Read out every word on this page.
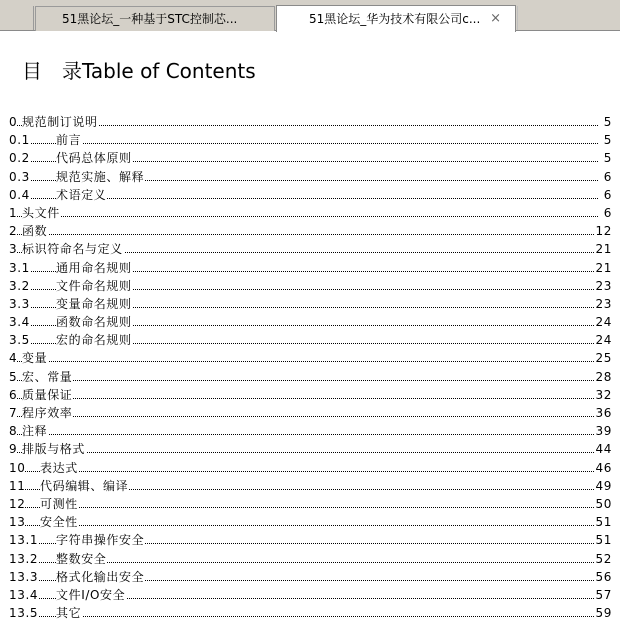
51黑论坛_一种基于STC控制芯...	51黑论坛_华为技术有限公司c... ×
目　录Table of Contents
0 规范制订说明	5
0.1 前言	5
0.2 代码总体原则	5
0.3 规范实施、解释	6
0.4 术语定义	6
1 头文件	6
2 函数	12
3 标识符命名与定义	21
3.1 通用命名规则	21
3.2 文件命名规则	23
3.3 变量命名规则	23
3.4 函数命名规则	24
3.5 宏的命名规则	24
4 变量	25
5 宏、常量	28
6 质量保证	32
7 程序效率	36
8 注释	39
9 排版与格式	44
10 表达式	46
11 代码编辑、编译	49
12 可测性	50
13 安全性	51
13.1 字符串操作安全	51
13.2 整数安全	52
13.3 格式化输出安全	56
13.4 文件I/O安全	57
13.5 其它	59
